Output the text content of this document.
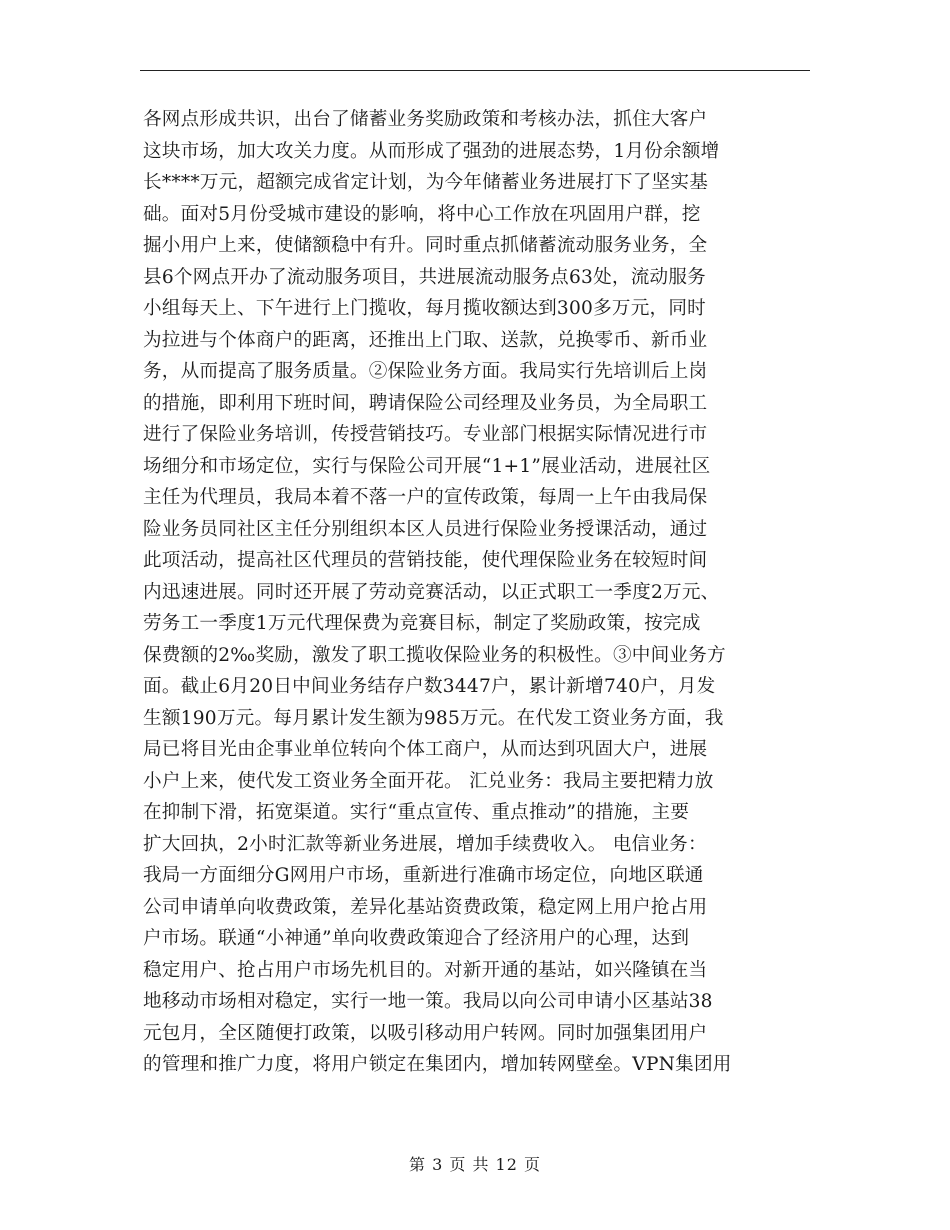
各网点形成共识，出台了储蓄业务奖励政策和考核办法，抓住大客户
这块市场，加大攻关力度。从而形成了强劲的进展态势，1月份余额增
长****万元，超额完成省定计划，为今年储蓄业务进展打下了坚实基
础。面对5月份受城市建设的影响，将中心工作放在巩固用户群，挖
掘小用户上来，使储额稳中有升。同时重点抓储蓄流动服务业务，全
县6个网点开办了流动服务项目，共进展流动服务点63处，流动服务
小组每天上、下午进行上门揽收，每月揽收额达到300多万元，同时
为拉进与个体商户的距离，还推出上门取、送款，兑换零币、新币业
务，从而提高了服务质量。②保险业务方面。我局实行先培训后上岗
的措施，即利用下班时间，聘请保险公司经理及业务员，为全局职工
进行了保险业务培训，传授营销技巧。专业部门根据实际情况进行市
场细分和市场定位，实行与保险公司开展“1+1”展业活动，进展社区
主任为代理员，我局本着不落一户的宣传政策，每周一上午由我局保
险业务员同社区主任分别组织本区人员进行保险业务授课活动，通过
此项活动，提高社区代理员的营销技能，使代理保险业务在较短时间
内迅速进展。同时还开展了劳动竞赛活动，以正式职工一季度2万元、
劳务工一季度1万元代理保费为竞赛目标，制定了奖励政策，按完成
保费额的2‰奖励，激发了职工揽收保险业务的积极性。③中间业务方
面。截止6月20日中间业务结存户数3447户，累计新增740户，月发
生额190万元。每月累计发生额为985万元。在代发工资业务方面，我
局已将目光由企事业单位转向个体工商户，从而达到巩固大户，进展
小户上来，使代发工资业务全面开花。 汇兑业务：我局主要把精力放
在抑制下滑，拓宽渠道。实行“重点宣传、重点推动”的措施，主要
扩大回执，2小时汇款等新业务进展，增加手续费收入。 电信业务：
我局一方面细分G网用户市场，重新进行准确市场定位，向地区联通
公司申请单向收费政策，差异化基站资费政策，稳定网上用户抢占用
户市场。联通“小神通”单向收费政策迎合了经济用户的心理，达到
稳定用户、抢占用户市场先机目的。对新开通的基站，如兴隆镇在当
地移动市场相对稳定，实行一地一策。我局以向公司申请小区基站38
元包月，全区随便打政策，以吸引移动用户转网。同时加强集团用户
的管理和推广力度，将用户锁定在集团内，增加转网壁垒。VPN集团用
第 3 页 共 12 页
